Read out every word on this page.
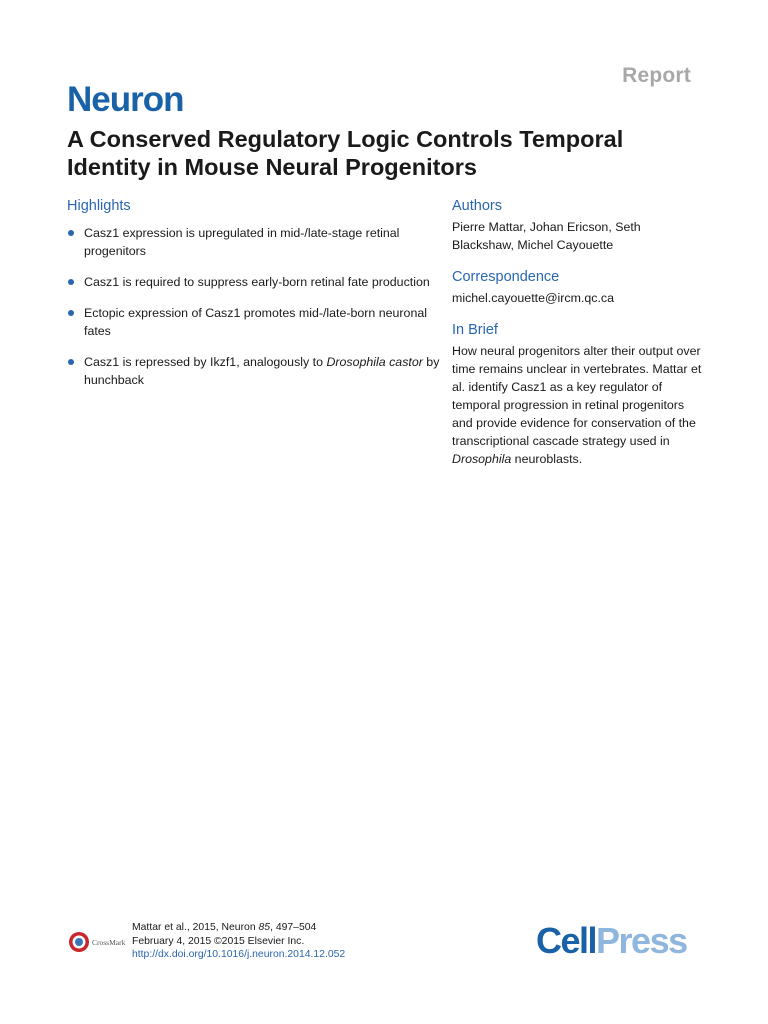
Report
Neuron
A Conserved Regulatory Logic Controls Temporal Identity in Mouse Neural Progenitors
Highlights
Casz1 expression is upregulated in mid-/late-stage retinal progenitors
Casz1 is required to suppress early-born retinal fate production
Ectopic expression of Casz1 promotes mid-/late-born neuronal fates
Casz1 is repressed by Ikzf1, analogously to Drosophila castor by hunchback
Authors
Pierre Mattar, Johan Ericson, Seth Blackshaw, Michel Cayouette
Correspondence
michel.cayouette@ircm.qc.ca
In Brief
How neural progenitors alter their output over time remains unclear in vertebrates. Mattar et al. identify Casz1 as a key regulator of temporal progression in retinal progenitors and provide evidence for conservation of the transcriptional cascade strategy used in Drosophila neuroblasts.
CrossMark
Mattar et al., 2015, Neuron 85, 497–504
February 4, 2015 ©2015 Elsevier Inc.
http://dx.doi.org/10.1016/j.neuron.2014.12.052	CellPress
